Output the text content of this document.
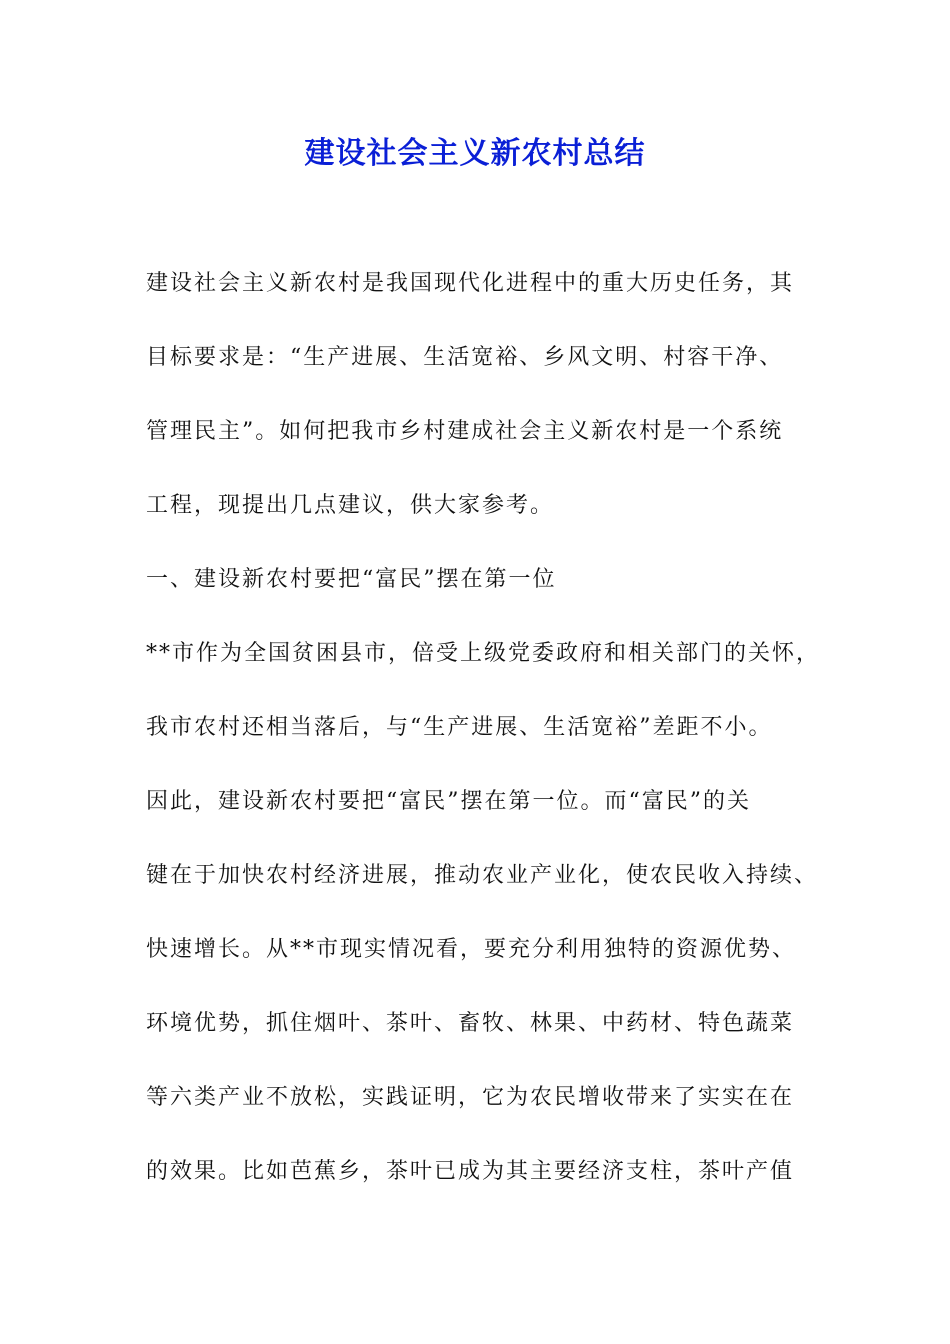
建设社会主义新农村总结
建设社会主义新农村是我国现代化进程中的重大历史任务，其
目标要求是：“生产进展、生活宽裕、乡风文明、村容干净、
管理民主”。如何把我市乡村建成社会主义新农村是一个系统
工程，现提出几点建议，供大家参考。
一、建设新农村要把“富民”摆在第一位
**市作为全国贫困县市，倍受上级党委政府和相关部门的关怀，
我市农村还相当落后，与“生产进展、生活宽裕”差距不小。
因此，建设新农村要把“富民”摆在第一位。而“富民”的关
键在于加快农村经济进展，推动农业产业化，使农民收入持续、
快速增长。从**市现实情况看，要充分利用独特的资源优势、
环境优势，抓住烟叶、茶叶、畜牧、林果、中药材、特色蔬菜
等六类产业不放松，实践证明，它为农民增收带来了实实在在
的效果。比如芭蕉乡，茶叶已成为其主要经济支柱，茶叶产值
